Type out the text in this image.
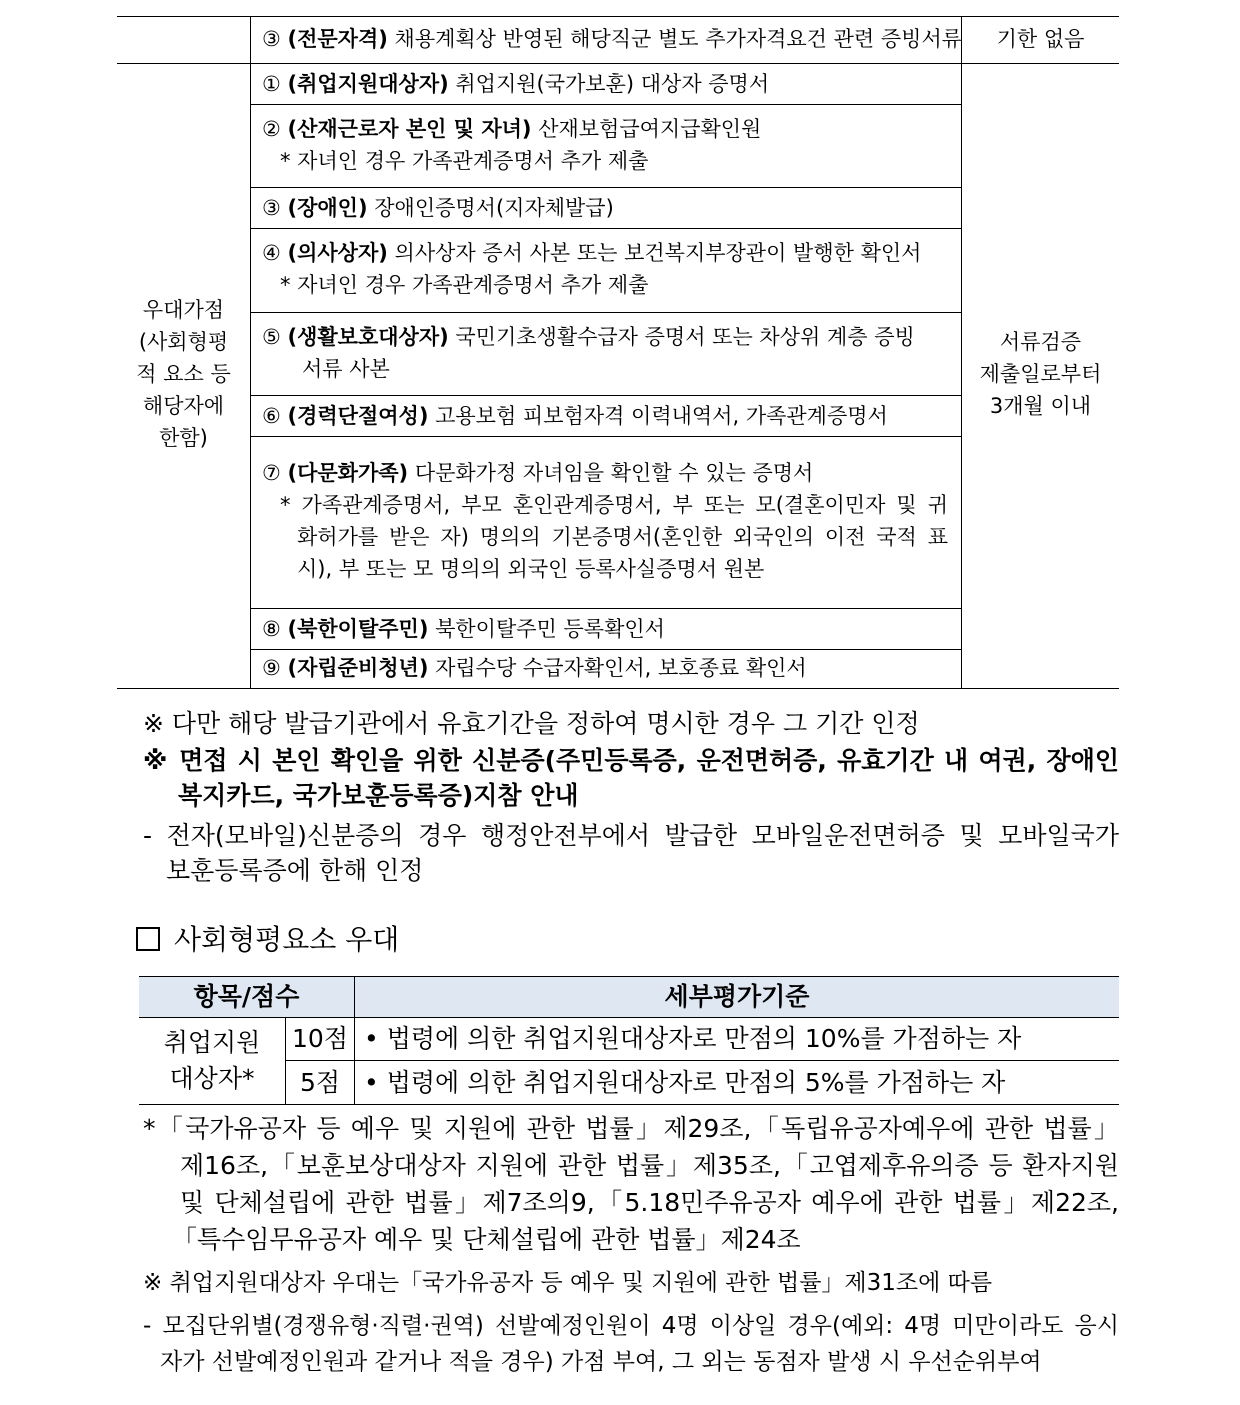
③ (전문자격) 채용계획상 반영된 해당직군 별도 추가자격요건 관련 증빙서류	기한 없음
우대가점
(사회형평
적 요소 등
해당자에
한함)
서류검증
제출일로부터
3개월 이내
① (취업지원대상자) 취업지원(국가보훈) 대상자 증명서
② (산재근로자 본인 및 자녀) 산재보험급여지급확인원
* 자녀인 경우 가족관계증명서 추가 제출
③ (장애인) 장애인증명서(지자체발급)
④ (의사상자) 의사상자 증서 사본 또는 보건복지부장관이 발행한 확인서
* 자녀인 경우 가족관계증명서 추가 제출
⑤ (생활보호대상자) 국민기초생활수급자 증명서 또는 차상위 계층 증빙
서류 사본
⑥ (경력단절여성) 고용보험 피보험자격 이력내역서, 가족관계증명서
⑦ (다문화가족) 다문화가정 자녀임을 확인할 수 있는 증명서
* 가족관계증명서, 부모 혼인관계증명서, 부 또는 모(결혼이민자 및 귀
화허가를 받은 자) 명의의 기본증명서(혼인한 외국인의 이전 국적 표
시), 부 또는 모 명의의 외국인 등록사실증명서 원본
⑧ (북한이탈주민) 북한이탈주민 등록확인서
⑨ (자립준비청년) 자립수당 수급자확인서, 보호종료 확인서
※ 다만 해당 발급기관에서 유효기간을 정하여 명시한 경우 그 기간 인정
※ 면접 시 본인 확인을 위한 신분증(주민등록증, 운전면허증, 유효기간 내 여권, 장애인
복지카드, 국가보훈등록증)지참 안내
- 전자(모바일)신분증의 경우 행정안전부에서 발급한 모바일운전면허증 및 모바일국가
보훈등록증에 한해 인정
사회형평요소 우대
항목/점수	세부평가기준
취업지원
대상자*
10점
5점
• 법령에 의한 취업지원대상자로 만점의 10%를 가점하는 자
• 법령에 의한 취업지원대상자로 만점의 5%를 가점하는 자
*「국가유공자 등 예우 및 지원에 관한 법률」제29조,「독립유공자예우에 관한 법률」
제16조,「보훈보상대상자 지원에 관한 법률」제35조,「고엽제후유의증 등 환자지원
및 단체설립에 관한 법률」제7조의9,「5.18민주유공자 예우에 관한 법률」제22조,
「특수임무유공자 예우 및 단체설립에 관한 법률」제24조
※ 취업지원대상자 우대는「국가유공자 등 예우 및 지원에 관한 법률」제31조에 따름
- 모집단위별(경쟁유형·직렬·권역) 선발예정인원이 4명 이상일 경우(예외: 4명 미만이라도 응시
자가 선발예정인원과 같거나 적을 경우) 가점 부여, 그 외는 동점자 발생 시 우선순위부여
